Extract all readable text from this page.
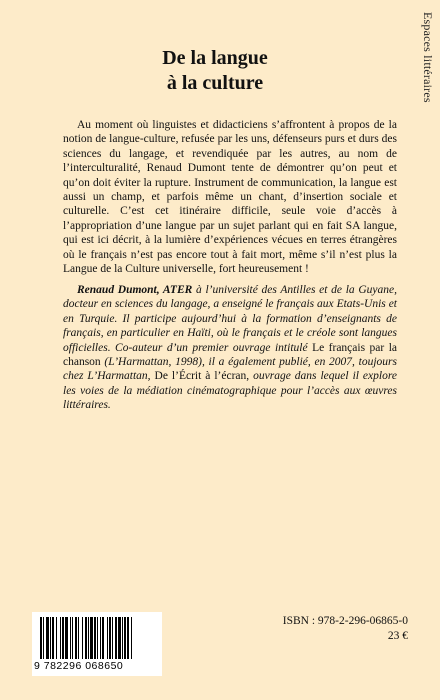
De la langue
à la culture	Espaces littéraires

Au moment où linguistes et didacticiens s’affrontent à propos de la notion de langue-culture, refusée par les uns, défenseurs purs et durs des sciences du langage, et revendiquée par les autres, au nom de l’interculturalité, Renaud Dumont tente de démontrer qu’on peut et qu’on doit éviter la rupture. Instrument de communication, la langue est aussi un champ, et parfois même un chant, d’insertion sociale et culturelle. C’est cet itinéraire difficile, seule voie d’accès à l’appropriation d’une langue par un sujet parlant qui en fait SA langue, qui est ici décrit, à la lumière d’expériences vécues en terres étrangères où le français n’est pas encore tout à fait mort, même s’il n’est plus la Langue de la Culture universelle, fort heureusement !

Renaud Dumont, ATER à l’université des Antilles et de la Guyane, docteur en sciences du langage, a enseigné le français aux Etats-Unis et en Turquie. Il participe aujourd’hui à la formation d’enseignants de français, en particulier en Haïti, où le français et le créole sont langues officielles. Co-auteur d’un premier ouvrage intitulé Le français par la chanson (L’Harmattan, 1998), il a également publié, en 2007, toujours chez L’Harmattan, De l’Écrit à l’écran, ouvrage dans lequel il explore les voies de la médiation cinématographique pour l’accès aux œuvres littéraires.

9 782296 068650
ISBN : 978-2-296-06865-0
23 €
